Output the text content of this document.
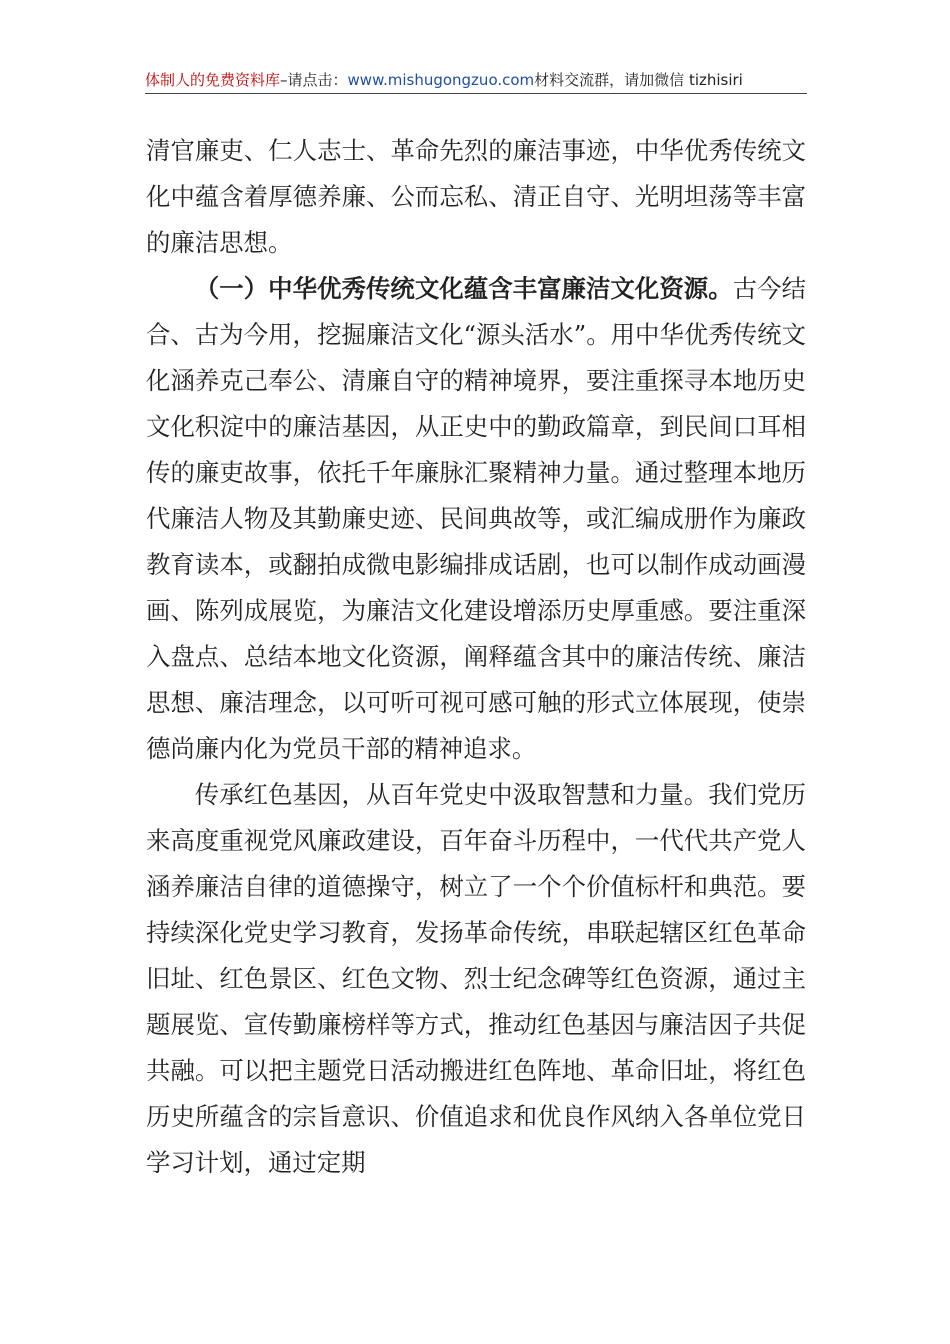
体制人的免费资料库–请点击：www.mishugongzuo.com材料交流群，请加微信 tizhisiri

清官廉吏、仁人志士、革命先烈的廉洁事迹，中华优秀传统文化中蕴含着厚德养廉、公而忘私、清正自守、光明坦荡等丰富的廉洁思想。

（一）中华优秀传统文化蕴含丰富廉洁文化资源。古今结合、古为今用，挖掘廉洁文化“源头活水”。用中华优秀传统文化涵养克己奉公、清廉自守的精神境界，要注重探寻本地历史文化积淀中的廉洁基因，从正史中的勤政篇章，到民间口耳相传的廉吏故事，依托千年廉脉汇聚精神力量。通过整理本地历代廉洁人物及其勤廉史迹、民间典故等，或汇编成册作为廉政教育读本，或翻拍成微电影编排成话剧，也可以制作成动画漫画、陈列成展览，为廉洁文化建设增添历史厚重感。要注重深入盘点、总结本地文化资源，阐释蕴含其中的廉洁传统、廉洁思想、廉洁理念，以可听可视可感可触的形式立体展现，使崇德尚廉内化为党员干部的精神追求。

传承红色基因，从百年党史中汲取智慧和力量。我们党历来高度重视党风廉政建设，百年奋斗历程中，一代代共产党人涵养廉洁自律的道德操守，树立了一个个价值标杆和典范。要持续深化党史学习教育，发扬革命传统，串联起辖区红色革命旧址、红色景区、红色文物、烈士纪念碑等红色资源，通过主题展览、宣传勤廉榜样等方式，推动红色基因与廉洁因子共促共融。可以把主题党日活动搬进红色阵地、革命旧址，将红色历史所蕴含的宗旨意识、价值追求和优良作风纳入各单位党日学习计划，通过定期
